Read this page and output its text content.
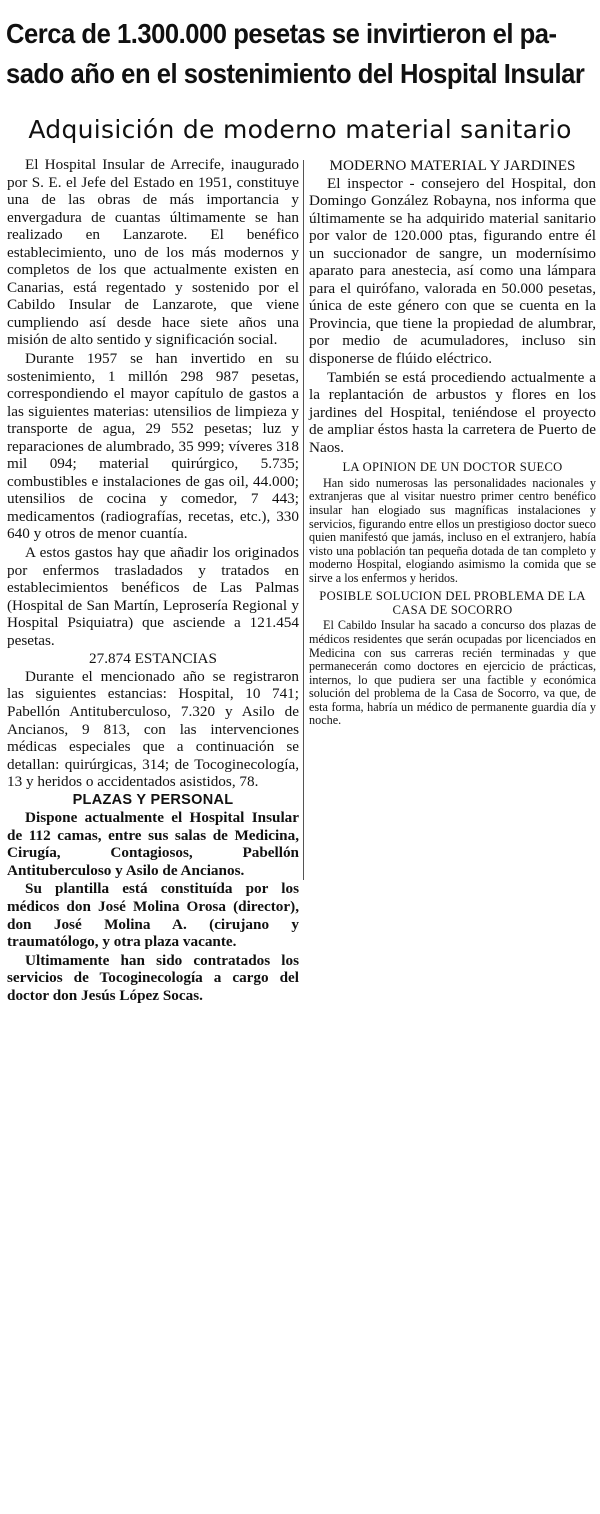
Cerca de 1.300.000 pesetas se invirtieron el pa-
sado año en el sostenimiento del Hospital Insular
Adquisición de moderno material sanitario

El Hospital Insular de Arrecife, inaugurado por S. E. el Jefe del Estado en 1951, constituye una de las obras de más importancia y envergadura de cuantas últimamente se han realizado en Lanzarote. El benéfico establecimiento, uno de los más modernos y completos de los que actualmente existen en Canarias, está regentado y sostenido por el Cabildo Insular de Lanzarote, que viene cumpliendo así desde hace siete años una misión de alto sentido y significación social.

Durante 1957 se han invertido en su sostenimiento, 1 millón 298 987 pesetas, correspondiendo el mayor capítulo de gastos a las siguientes materias: utensilios de limpieza y transporte de agua, 29 552 pesetas; luz y reparaciones de alumbrado, 35 999; víveres 318 mil 094; material quirúrgico, 5.735; combustibles e instalaciones de gas oil, 44.000; utensilios de cocina y comedor, 7 443; medicamentos (radiografías, recetas, etc.), 330 640 y otros de menor cuantía.

A estos gastos hay que añadir los originados por enfermos trasladados y tratados en establecimientos benéficos de Las Palmas (Hospital de San Martín, Leprosería Regional y Hospital Psiquiatra) que asciende a 121.454 pesetas.

27.874 ESTANCIAS

Durante el mencionado año se registraron las siguientes estancias: Hospital, 10 741; Pabellón Antituberculoso, 7.320 y Asilo de Ancianos, 9 813, con las intervenciones médicas especiales que a continuación se detallan: quirúrgicas, 314; de Tocoginecología, 13 y heridos o accidentados asistidos, 78.

PLAZAS Y PERSONAL

Dispone actualmente el Hospital Insular de 112 camas, entre sus salas de Medicina, Cirugía, Contagiosos, Pabellón Antituberculoso y Asilo de Ancianos.

Su plantilla está constituída por los médicos don José Molina Orosa (director), don José Molina A. (cirujano y traumatólogo, y otra plaza vacante.

Ultimamente han sido contratados los servicios de Tocoginecología a cargo del doctor don Jesús López Socas.

MODERNO MATERIAL Y JARDINES

El inspector - consejero del Hospital, don Domingo González Robayna, nos informa que últimamente se ha adquirido material sanitario por valor de 120.000 ptas, figurando entre él un succionador de sangre, un modernísimo aparato para anestecia, así como una lámpara para el quirófano, valorada en 50.000 pesetas, única de este género con que se cuenta en la Provincia, que tiene la propiedad de alumbrar, por medio de acumuladores, incluso sin disponerse de flúido eléctrico.

También se está procediendo actualmente a la replantación de arbustos y flores en los jardines del Hospital, teniéndose el proyecto de ampliar éstos hasta la carretera de Puerto de Naos.

LA OPINION DE UN DOCTOR SUECO

Han sido numerosas las personalidades nacionales y extranjeras que al visitar nuestro primer centro benéfico insular han elogiado sus magníficas instalaciones y servicios, figurando entre ellos un prestigioso doctor sueco quien manifestó que jamás, incluso en el extranjero, había visto una población tan pequeña dotada de tan completo y moderno Hospital, elogiando asimismo la comida que se sirve a los enfermos y heridos.

POSIBLE SOLUCION DEL PROBLEMA DE LA CASA DE SOCORRO

El Cabildo Insular ha sacado a concurso dos plazas de médicos residentes que serán ocupadas por licenciados en Medicina con sus carreras recién terminadas y que permanecerán como doctores en ejercicio de prácticas, internos, lo que pudiera ser una factible y económica solución del problema de la Casa de Socorro, va que, de esta forma, habría un médico de permanente guardia día y noche.
